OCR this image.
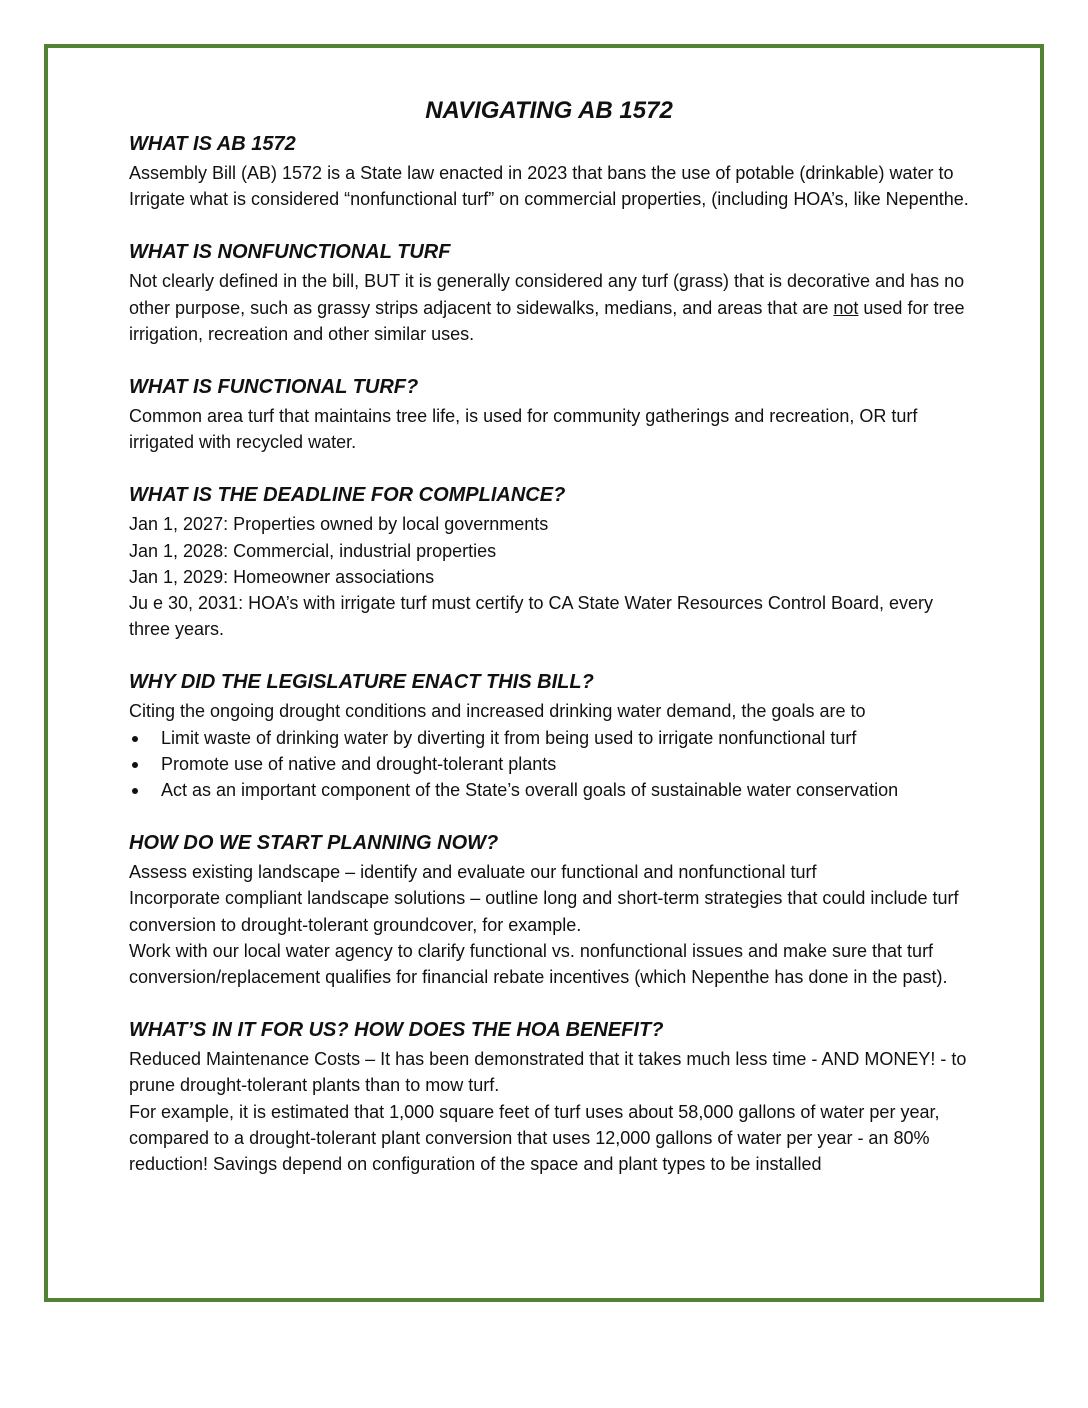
NAVIGATING AB 1572
WHAT IS AB 1572

Assembly Bill (AB) 1572 is a State law enacted in 2023 that bans the use of potable (drinkable) water to Irrigate what is considered “nonfunctional turf” on commercial properties, (including HOA’s, like Nepenthe.

WHAT IS NONFUNCTIONAL TURF

Not clearly defined in the bill, BUT it is generally considered any turf (grass) that is decorative and has no other purpose, such as grassy strips adjacent to sidewalks, medians, and areas that are not used for tree irrigation, recreation and other similar uses.

WHAT IS FUNCTIONAL TURF?

Common area turf that maintains tree life, is used for community gatherings and recreation, OR turf irrigated with recycled water.

WHAT IS THE DEADLINE FOR COMPLIANCE?

Jan 1, 2027: Properties owned by local governments

Jan 1, 2028: Commercial, industrial properties

Jan 1, 2029: Homeowner associations

Ju e 30, 2031: HOA’s with irrigate turf must certify to CA State Water Resources Control Board, every three years.

WHY DID THE LEGISLATURE ENACT THIS BILL?

Citing the ongoing drought conditions and increased drinking water demand, the goals are to

Limit waste of drinking water by diverting it from being used to irrigate nonfunctional turf
Promote use of native and drought-tolerant plants
Act as an important component of the State’s overall goals of sustainable water conservation
HOW DO WE START PLANNING NOW?

Assess existing landscape – identify and evaluate our functional and nonfunctional turf

Incorporate compliant landscape solutions – outline long and short-term strategies that could include turf conversion to drought-tolerant groundcover, for example.

Work with our local water agency to clarify functional vs. nonfunctional issues and make sure that turf conversion/replacement qualifies for financial rebate incentives (which Nepenthe has done in the past).

WHAT’S IN IT FOR US? HOW DOES THE HOA BENEFIT?

Reduced Maintenance Costs – It has been demonstrated that it takes much less time - AND MONEY! - to prune drought-tolerant plants than to mow turf.

For example, it is estimated that 1,000 square feet of turf uses about 58,000 gallons of water per year, compared to a drought-tolerant plant conversion that uses 12,000 gallons of water per year - an 80% reduction! Savings depend on configuration of the space and plant types to be installed
